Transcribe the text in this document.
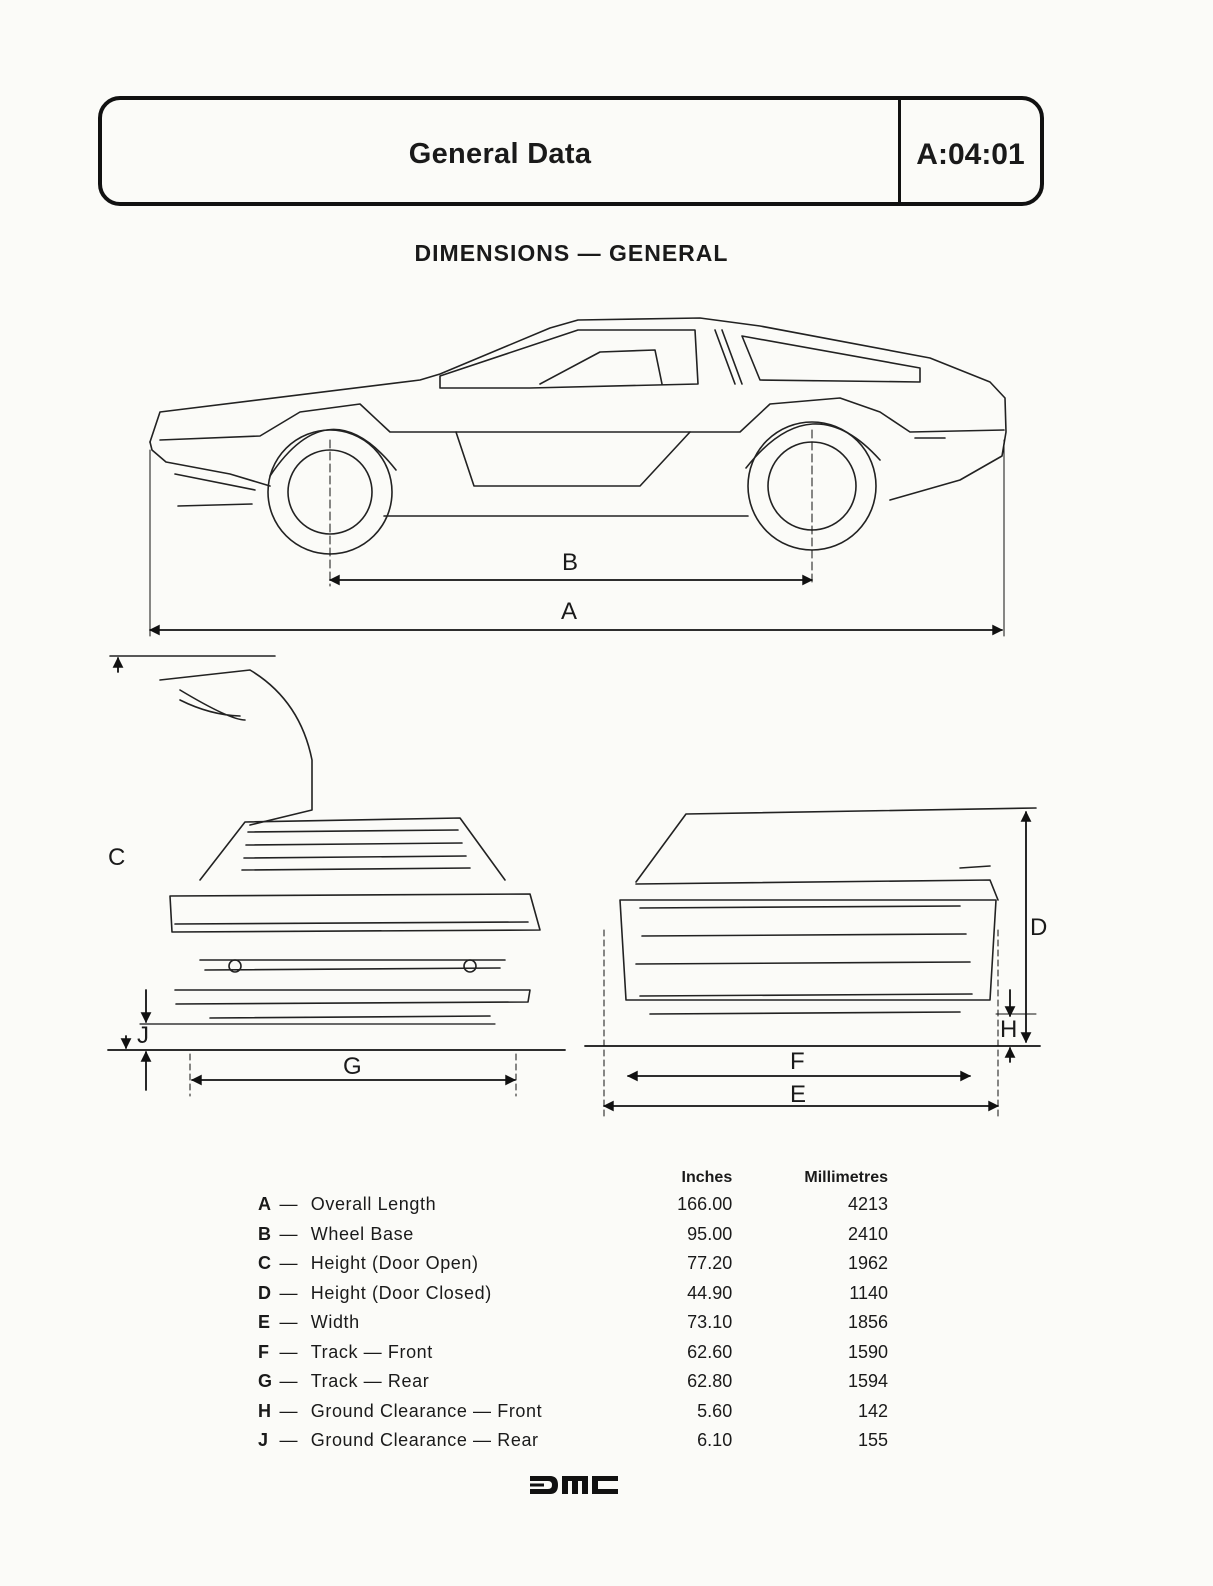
General Data	A:04:01
DIMENSIONS — GENERAL
B
A
C
D
J	H
G	F
E
			Inches	Millimetres
A	—	Overall Length	166.00	4213
B	—	Wheel Base	95.00	2410
C	—	Height (Door Open)	77.20	1962
D	—	Height (Door Closed)	44.90	1140
E	—	Width	73.10	1856
F	—	Track — Front	62.60	1590
G	—	Track — Rear	62.80	1594
H	—	Ground Clearance — Front	5.60	142
J	—	Ground Clearance — Rear	6.10	155
